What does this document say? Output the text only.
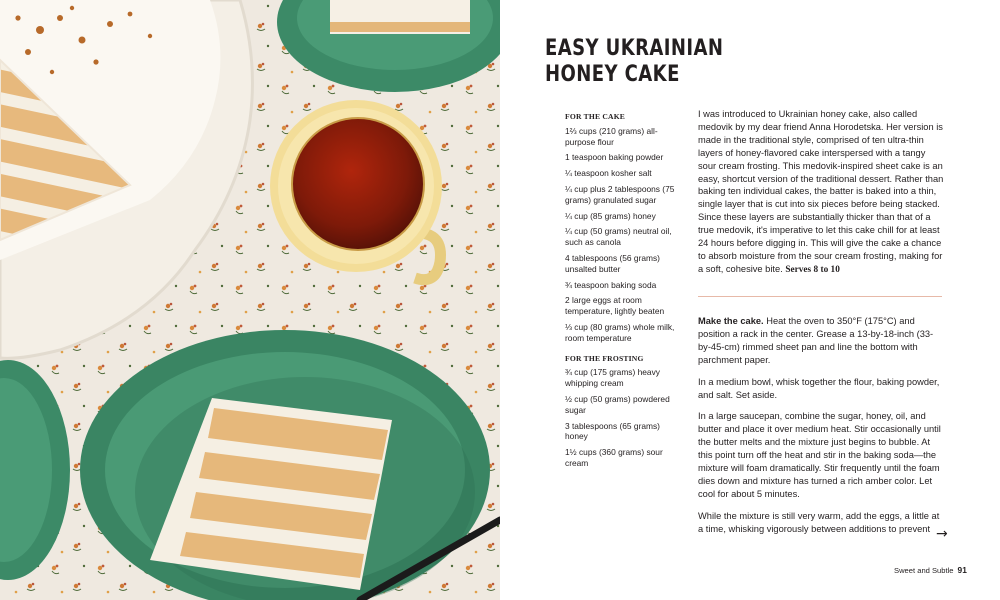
EASY UKRAINIAN
HONEY CAKE
FOR THE CAKE
1⅔ cups (210 grams) all-purpose flour
1 teaspoon baking powder
¼ teaspoon kosher salt
¼ cup plus 2 tablespoons (75 grams) granulated sugar
¼ cup (85 grams) honey
¼ cup (50 grams) neutral oil, such as canola
4 tablespoons (56 grams) unsalted butter
¾ teaspoon baking soda
2 large eggs at room temperature, lightly beaten
⅓ cup (80 grams) whole milk, room temperature
FOR THE FROSTING
¾ cup (175 grams) heavy whipping cream
½ cup (50 grams) powdered sugar
3 tablespoons (65 grams) honey
1½ cups (360 grams) sour cream

I was introduced to Ukrainian honey cake, also called medovik by my dear friend Anna Horodetska. Her version is made in the traditional style, comprised of ten ultra-thin layers of honey-flavored cake interspersed with a tangy sour cream frosting. This medovik-inspired sheet cake is an easy, shortcut version of the traditional dessert. Rather than baking ten individual cakes, the batter is baked into a thin, single layer that is cut into six pieces before being stacked. Since these layers are substantially thicker than that of a true medovik, it's imperative to let this cake chill for at least 24 hours before digging in. This will give the cake a chance to absorb moisture from the sour cream frosting, making for a soft, cohesive bite. Serves 8 to 10

Make the cake. Heat the oven to 350°F (175°C) and position a rack in the center. Grease a 13-by-18-inch (33-by-45-cm) rimmed sheet pan and line the bottom with parchment paper.

In a medium bowl, whisk together the flour, baking powder, and salt. Set aside.

In a large saucepan, combine the sugar, honey, oil, and butter and place it over medium heat. Stir occasionally until the butter melts and the mixture just begins to bubble. At this point turn off the heat and stir in the baking soda—the mixture will foam dramatically. Stir frequently until the foam dies down and mixture has turned a rich amber color. Let cool for about 5 minutes.

While the mixture is still very warm, add the eggs, a little at a time, whisking vigorously between additions to prevent →
Sweet and Subtle 91
